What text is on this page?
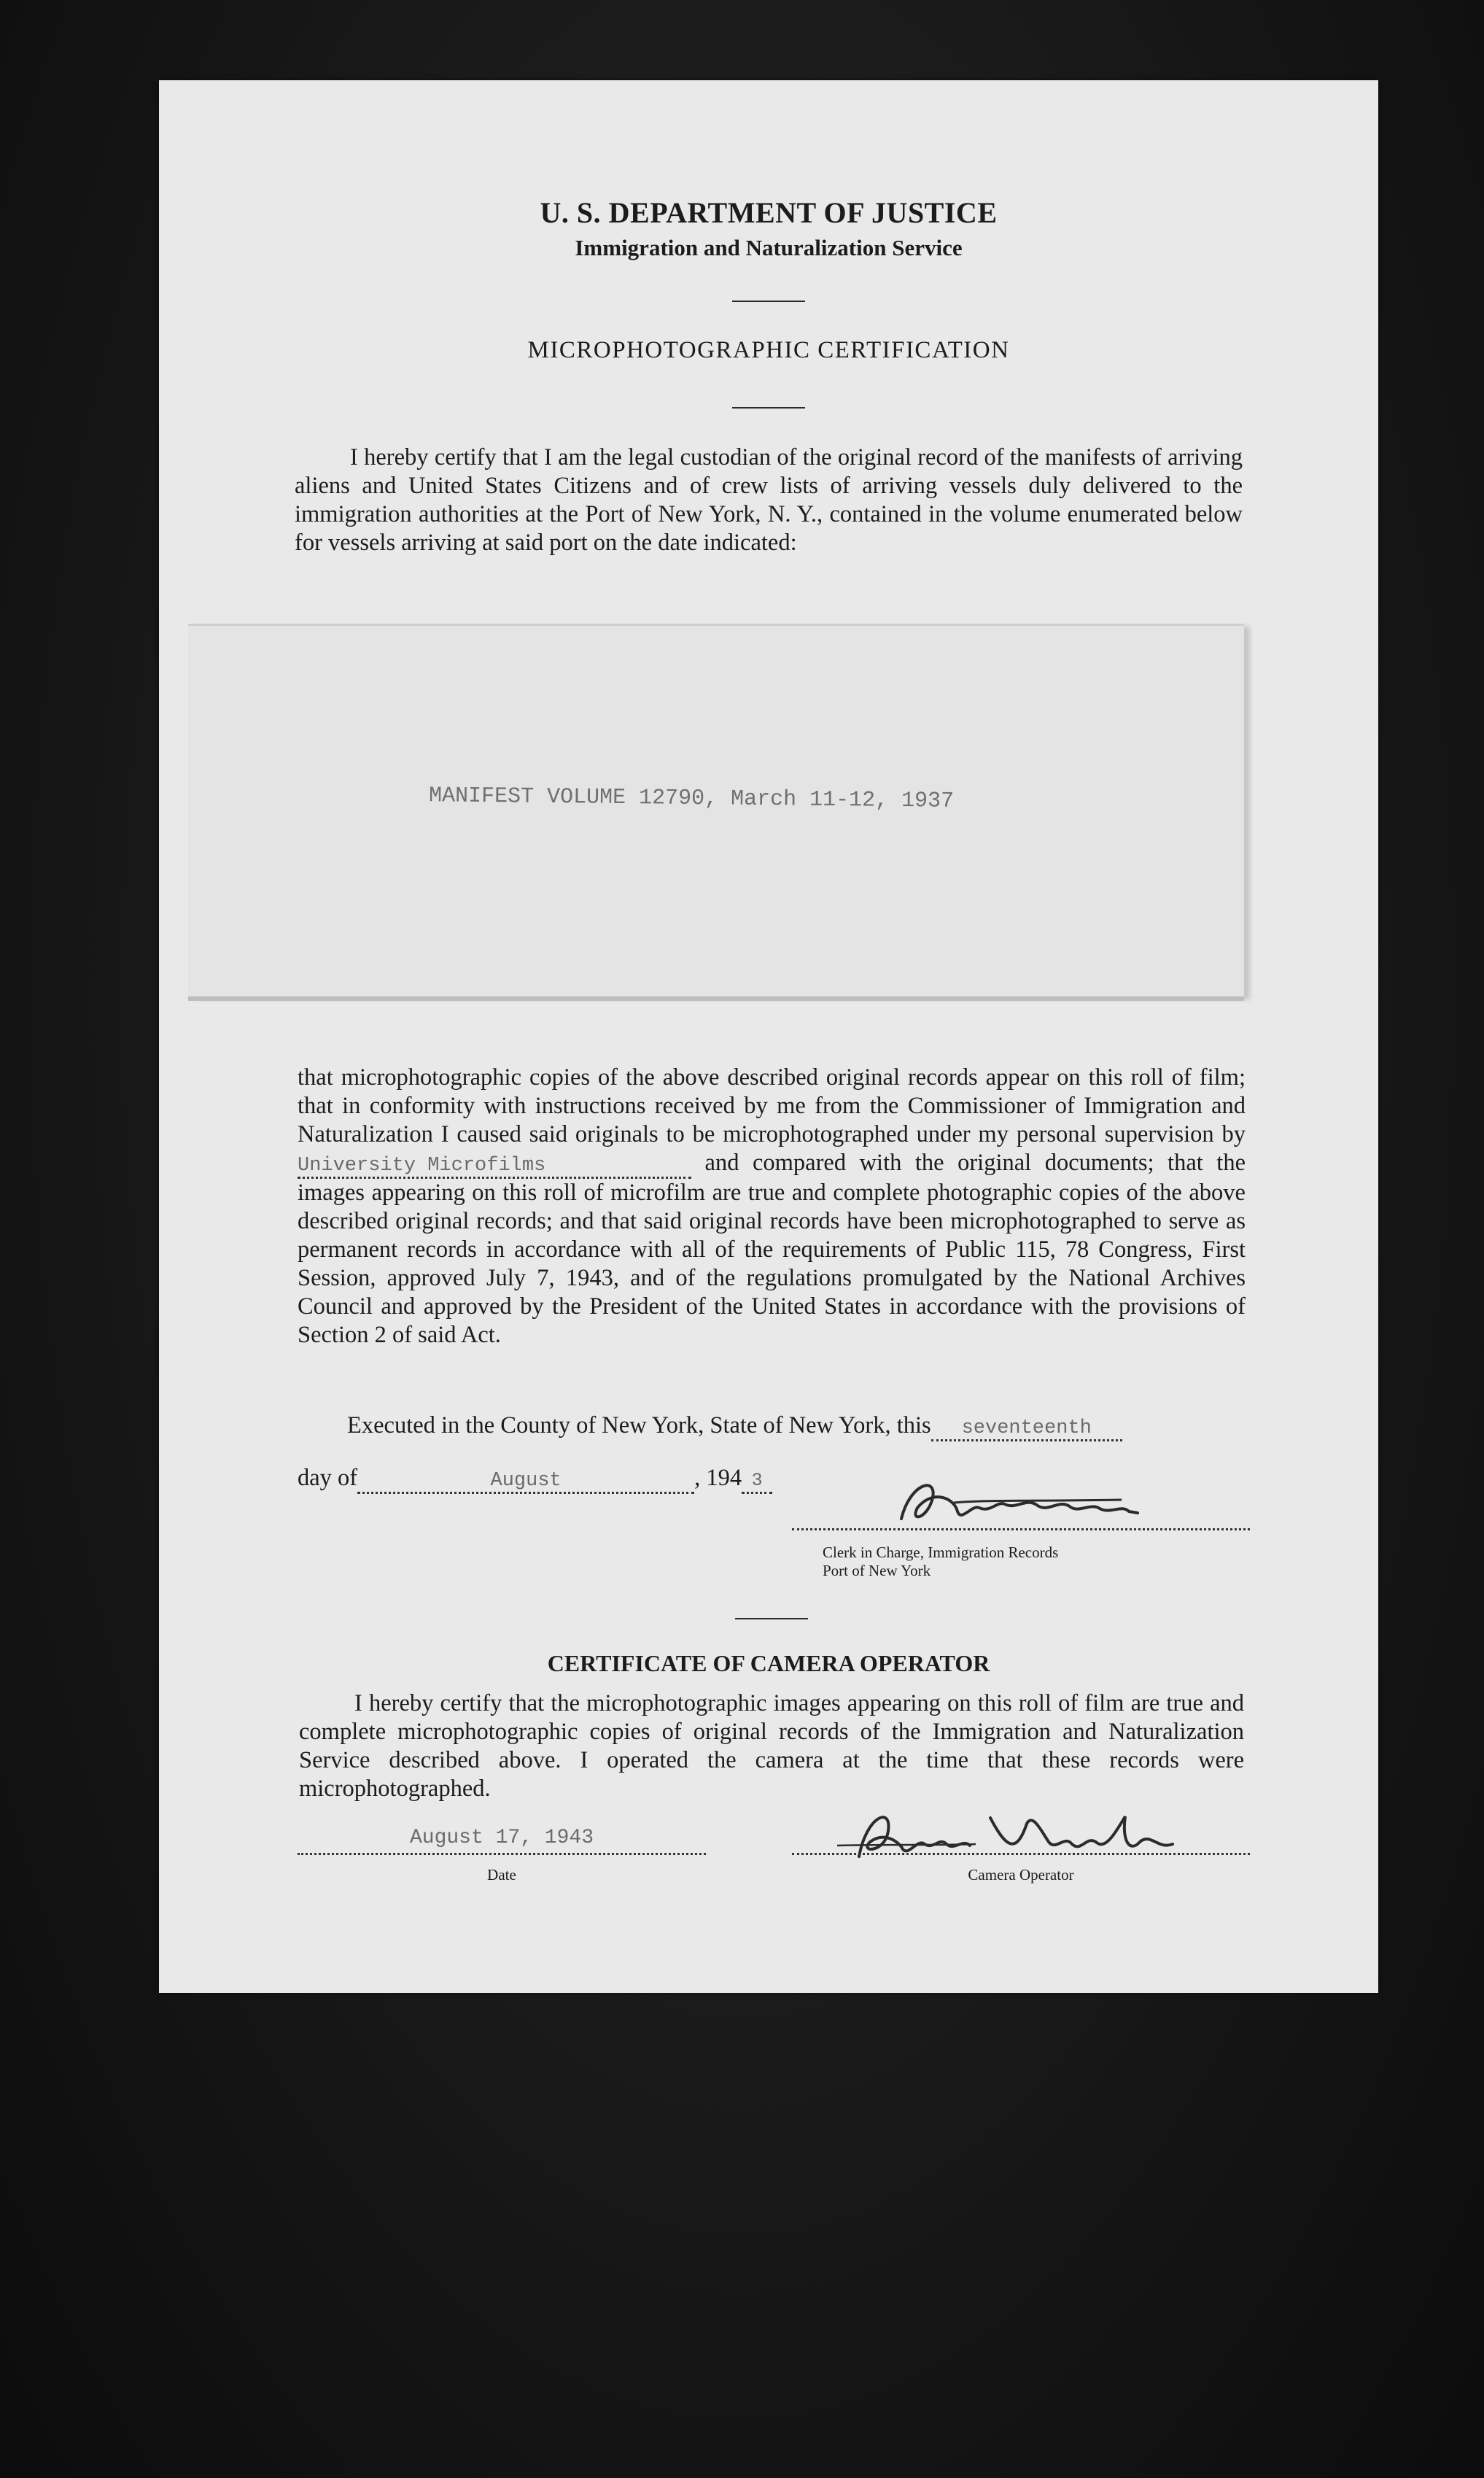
U. S. DEPARTMENT OF JUSTICE
Immigration and Naturalization Service
MICROPHOTOGRAPHIC CERTIFICATION
I hereby certify that I am the legal custodian of the original record of the manifests of arriving aliens and United States Citizens and of crew lists of arriving vessels duly delivered to the immigration authorities at the Port of New York, N. Y., contained in the volume enumerated below for vessels arriving at said port on the date indicated:
MANIFEST VOLUME 12790, March 11-12, 1937
that microphotographic copies of the above described original records appear on this roll of film; that in conformity with instructions received by me from the Commissioner of Immigration and Naturalization I caused said originals to be microphotographed under my personal supervision by University Microfilms	and compared with the original documents; that the images appearing on this roll of microfilm are true and complete photographic copies of the above described original records; and that said original records have been microphotographed to serve as permanent records in accordance with all of the requirements of Public 115, 78 Congress, First Session, approved July 7, 1943, and of the regulations promulgated by the National Archives Council and approved by the President of the United States in accordance with the provisions of Section 2 of said Act.
Executed in the County of New York, State of New York, this seventeenth
day of	August	, 194 3
Clerk in Charge, Immigration Records
Port of New York
CERTIFICATE OF CAMERA OPERATOR
I hereby certify that the microphotographic images appearing on this roll of film are true and complete microphotographic copies of original records of the Immigration and Naturalization Service described above. I operated the camera at the time that these records were microphotographed.
August 17, 1943
Date	Camera Operator
